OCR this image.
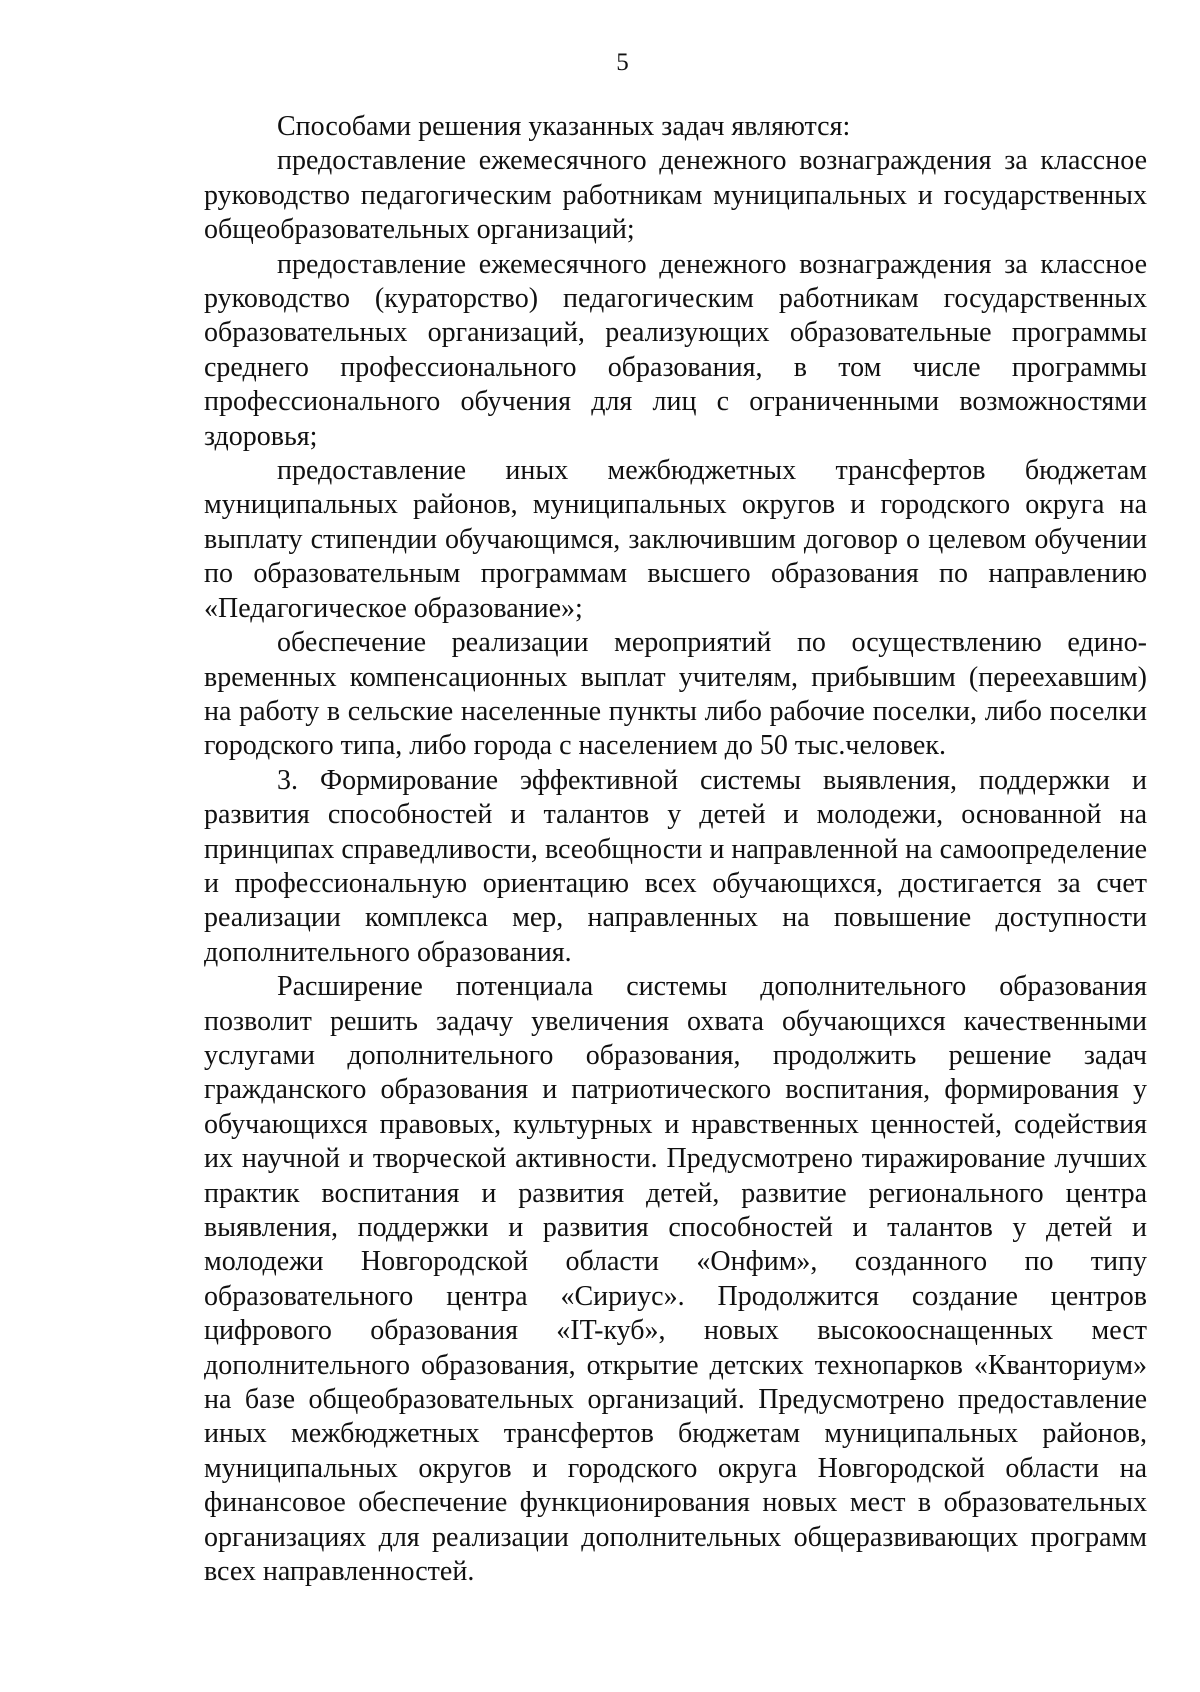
5

Способами решения указанных задач являются:

предоставление ежемесячного денежного вознаграждения за классное руководство педагогическим работникам муниципальных и государственных общеобразовательных организаций;

предоставление ежемесячного денежного вознаграждения за классное руководство (кураторство) педагогическим работникам государственных образовательных организаций, реализующих образовательные программы среднего профессионального образования, в том числе программы профессионального обучения для лиц с ограниченными возможностями здоровья;

предоставление иных межбюджетных трансфертов бюджетам муниципальных районов, муниципальных округов и городского округа на выплату стипендии обучающимся, заключившим договор о целевом обучении по образовательным программам высшего образования по направлению «Педагогическое образование»;

обеспечение реализации мероприятий по осуществлению единовременных компенсационных выплат учителям, прибывшим (переехавшим) на работу в сельские населенные пункты либо рабочие поселки, либо поселки городского типа, либо города с населением до 50 тыс.человек.

3. Формирование эффективной системы выявления, поддержки и развития способностей и талантов у детей и молодежи, основанной на принципах справедливости, всеобщности и направленной на самоопределение и профессиональную ориентацию всех обучающихся, достигается за счет реализации комплекса мер, направленных на повышение доступности дополнительного образования.

Расширение потенциала системы дополнительного образования позволит решить задачу увеличения охвата обучающихся качественными услугами дополнительного образования, продолжить решение задач гражданского образования и патриотического воспитания, формирования у обучающихся правовых, культурных и нравственных ценностей, содействия их научной и творческой активности. Предусмотрено тиражирование лучших практик воспитания и развития детей, развитие регионального центра выявления, поддержки и развития способностей и талантов у детей и молодежи Новгородской области «Онфим», созданного по типу образовательного центра «Сириус». Продолжится создание центров цифрового образования «IT-куб», новых высокооснащенных мест дополнительного образования, открытие детских технопарков «Кванториум» на базе общеобразовательных организаций. Предусмотрено предоставление иных межбюджетных трансфертов бюджетам муниципальных районов, муниципальных округов и городского округа Новгородской области на финансовое обеспечение функционирования новых мест в образовательных организациях для реализации дополнительных общеразвивающих программ всех направленностей.
